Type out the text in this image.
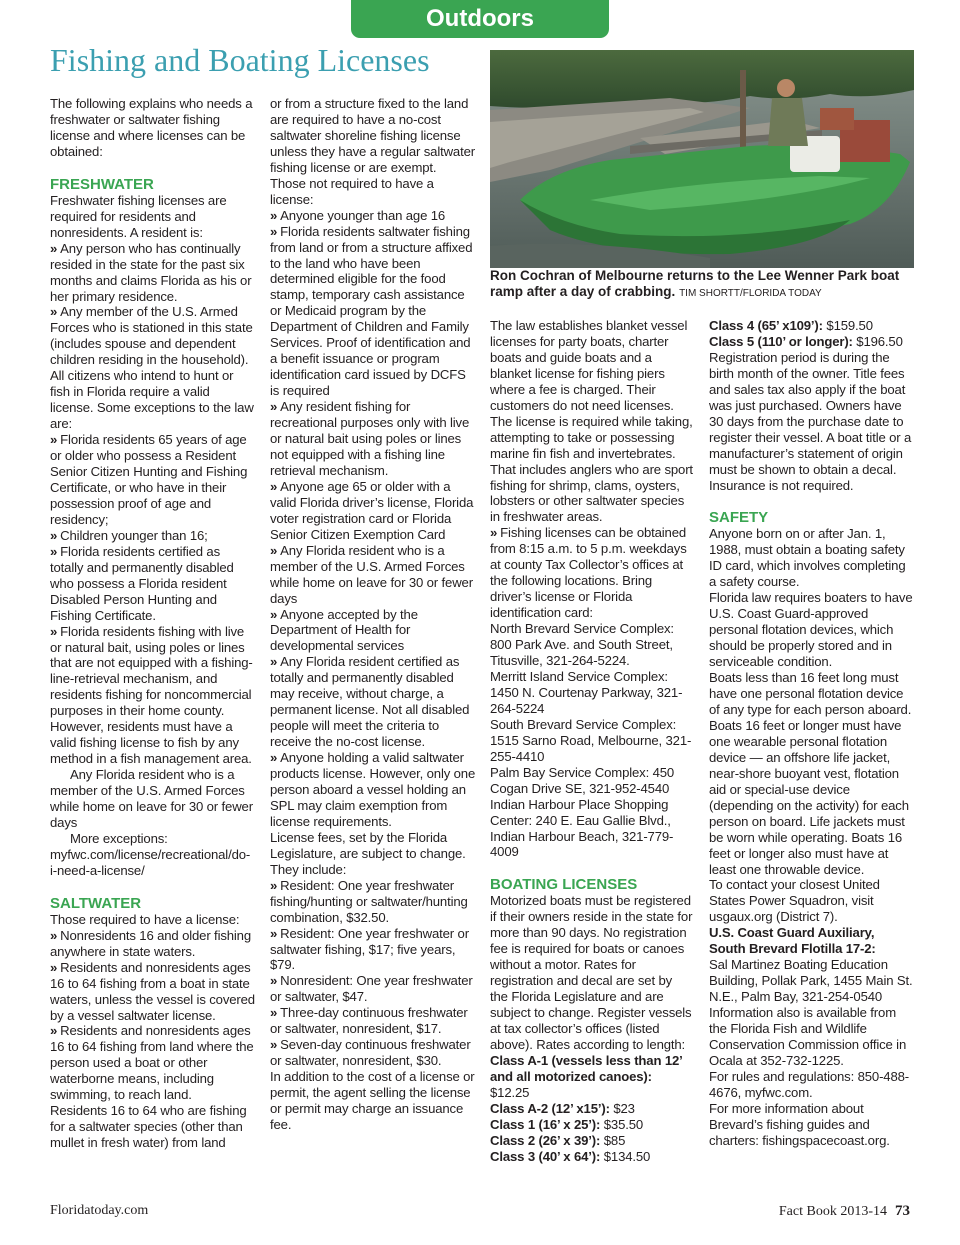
Outdoors
Fishing and Boating Licenses

The following explains who needs a freshwater or saltwater fishing license and where licenses can be obtained:

FRESHWATER

Freshwater fishing licenses are required for residents and nonresidents. A resident is:

» Any person who has continually resided in the state for the past six months and claims Florida as his or her primary residence.

» Any member of the U.S. Armed Forces who is stationed in this state (includes spouse and dependent children residing in the household).

All citizens who intend to hunt or fish in Florida require a valid license. Some exceptions to the law are:

» Florida residents 65 years of age or older who possess a Resident Senior Citizen Hunting and Fishing Certificate, or who have in their possession proof of age and residency;

» Children younger than 16;

» Florida residents certified as totally and permanently disabled who possess a Florida resident Disabled Person Hunting and Fishing Certificate.

» Florida residents fishing with live or natural bait, using poles or lines that are not equipped with a fishing-line-retrieval mechanism, and residents fishing for noncommercial purposes in their home county. However, residents must have a valid fishing license to fish by any method in a fish management area.

Any Florida resident who is a member of the U.S. Armed Forces while home on leave for 30 or fewer days

More exceptions: myfwc.com/license/recreational/do-i-need-a-license/

SALTWATER

Those required to have a license:

» Nonresidents 16 and older fishing anywhere in state waters.

» Residents and nonresidents ages 16 to 64 fishing from a boat in state waters, unless the vessel is covered by a vessel saltwater license.

» Residents and nonresidents ages 16 to 64 fishing from land where the person used a boat or other waterborne means, including swimming, to reach land.

Residents 16 to 64 who are fishing for a saltwater species (other than mullet in fresh water) from land

or from a structure fixed to the land are required to have a no-cost saltwater shoreline fishing license unless they have a regular saltwater fishing license or are exempt.

Those not required to have a license:

» Anyone younger than age 16

» Florida residents saltwater fishing from land or from a structure affixed to the land who have been determined eligible for the food stamp, temporary cash assistance or Medicaid program by the Department of Children and Family Services. Proof of identification and a benefit issuance or program identification card issued by DCFS is required

» Any resident fishing for recreational purposes only with live or natural bait using poles or lines not equipped with a fishing line retrieval mechanism.

» Anyone age 65 or older with a valid Florida driver’s license, Florida voter registration card or Florida Senior Citizen Exemption Card

» Any Florida resident who is a member of the U.S. Armed Forces while home on leave for 30 or fewer days

» Anyone accepted by the Department of Health for developmental services

» Any Florida resident certified as totally and permanently disabled may receive, without charge, a permanent license. Not all disabled people will meet the criteria to receive the no-cost license.

» Anyone holding a valid saltwater products license. However, only one person aboard a vessel holding an SPL may claim exemption from license requirements.

License fees, set by the Florida Legislature, are subject to change. They include:

» Resident: One year freshwater fishing/hunting or saltwater/hunting combination, $32.50.

» Resident: One year freshwater or saltwater fishing, $17; five years, $79.

» Nonresident: One year freshwater or saltwater, $47.

» Three-day continuous freshwater or saltwater, nonresident, $17.

» Seven-day continuous freshwater or saltwater, nonresident, $30.

In addition to the cost of a license or permit, the agent selling the license or permit may charge an issuance fee.

Ron Cochran of Melbourne returns to the Lee Wenner Park boat ramp after a day of crabbing. TIM SHORTT/FLORIDA TODAY

The law establishes blanket vessel licenses for party boats, charter boats and guide boats and a blanket license for fishing piers where a fee is charged. Their customers do not need licenses. The license is required while taking, attempting to take or possessing marine fin fish and invertebrates. That includes anglers who are sport fishing for shrimp, clams, oysters, lobsters or other saltwater species in freshwater areas.

» Fishing licenses can be obtained from 8:15 a.m. to 5 p.m. weekdays at county Tax Collector’s offices at the following locations. Bring driver’s license or Florida identification card:

North Brevard Service Complex: 800 Park Ave. and South Street, Titusville, 321-264-5224.

Merritt Island Service Complex: 1450 N. Courtenay Parkway, 321-264-5224

South Brevard Service Complex: 1515 Sarno Road, Melbourne, 321-255-4410

Palm Bay Service Complex: 450 Cogan Drive SE, 321-952-4540

Indian Harbour Place Shopping Center: 240 E. Eau Gallie Blvd., Indian Harbour Beach, 321-779-4009

BOATING LICENSES

Motorized boats must be registered if their owners reside in the state for more than 90 days. No registration fee is required for boats or canoes without a motor. Rates for registration and decal are set by the Florida Legislature and are subject to change. Register vessels at tax collector’s offices (listed above). Rates according to length:

Class A-1 (vessels less than 12’ and all motorized canoes): $12.25

Class A-2 (12’ x15’): $23

Class 1 (16’ x 25’): $35.50

Class 2 (26’ x 39’): $85

Class 3 (40’ x 64’): $134.50

Class 4 (65’ x109’): $159.50

Class 5 (110’ or longer): $196.50

Registration period is during the birth month of the owner. Title fees and sales tax also apply if the boat was just purchased. Owners have 30 days from the purchase date to register their vessel. A boat title or a manufacturer’s statement of origin must be shown to obtain a decal. Insurance is not required.

SAFETY

Anyone born on or after Jan. 1, 1988, must obtain a boating safety ID card, which involves completing a safety course.

Florida law requires boaters to have U.S. Coast Guard-approved personal flotation devices, which should be properly stored and in serviceable condition.

Boats less than 16 feet long must have one personal flotation device of any type for each person aboard. Boats 16 feet or longer must have one wearable personal flotation device — an offshore life jacket, near-shore buoyant vest, flotation aid or special-use device (depending on the activity) for each person on board. Life jackets must be worn while operating. Boats 16 feet or longer also must have at least one throwable device.

To contact your closest United States Power Squadron, visit usgaux.org (District 7).

U.S. Coast Guard Auxiliary, South Brevard Flotilla 17-2:

Sal Martinez Boating Education Building, Pollak Park, 1455 Main St. N.E., Palm Bay, 321-254-0540

Information also is available from the Florida Fish and Wildlife Conservation Commission office in Ocala at 352-732-1225.

For rules and regulations: 850-488-4676, myfwc.com.

For more information about Brevard’s fishing guides and charters: fishingspacecoast.org.

Floridatoday.com	Fact Book 2013-14 73
